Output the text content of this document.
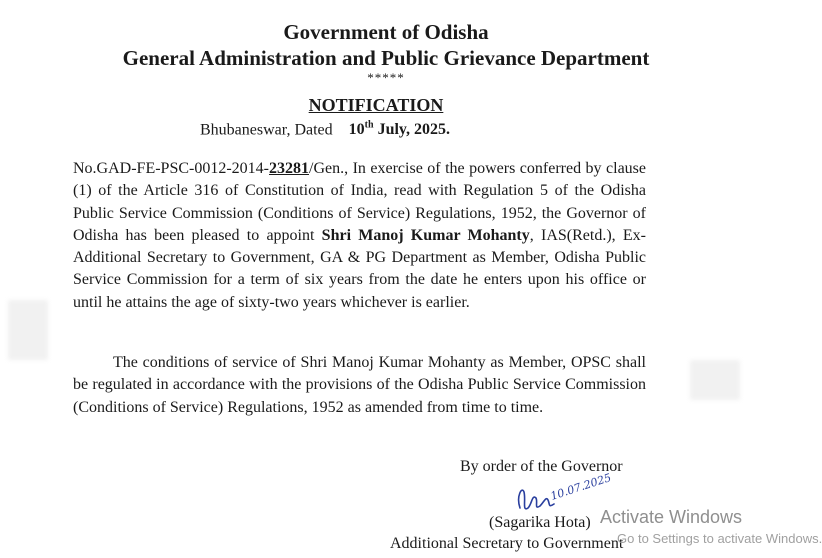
Government of Odisha
General Administration and Public Grievance Department
*****
NOTIFICATION
Bhubaneswar, Dated 10th July, 2025.
No.GAD-FE-PSC-0012-2014-23281/Gen., In exercise of the powers conferred by clause (1) of the Article 316 of Constitution of India, read with Regulation 5 of the Odisha Public Service Commission (Conditions of Service) Regulations, 1952, the Governor of Odisha has been pleased to appoint Shri Manoj Kumar Mohanty, IAS(Retd.), Ex-Additional Secretary to Government, GA & PG Department as Member, Odisha Public Service Commission for a term of six years from the date he enters upon his office or until he attains the age of sixty-two years whichever is earlier.
The conditions of service of Shri Manoj Kumar Mohanty as Member, OPSC shall be regulated in accordance with the provisions of the Odisha Public Service Commission (Conditions of Service) Regulations, 1952 as amended from time to time.
By order of the Governor
10.07.2025
(Sagarika Hota)
Additional Secretary to Government
Activate Windows
Go to Settings to activate Windows.
